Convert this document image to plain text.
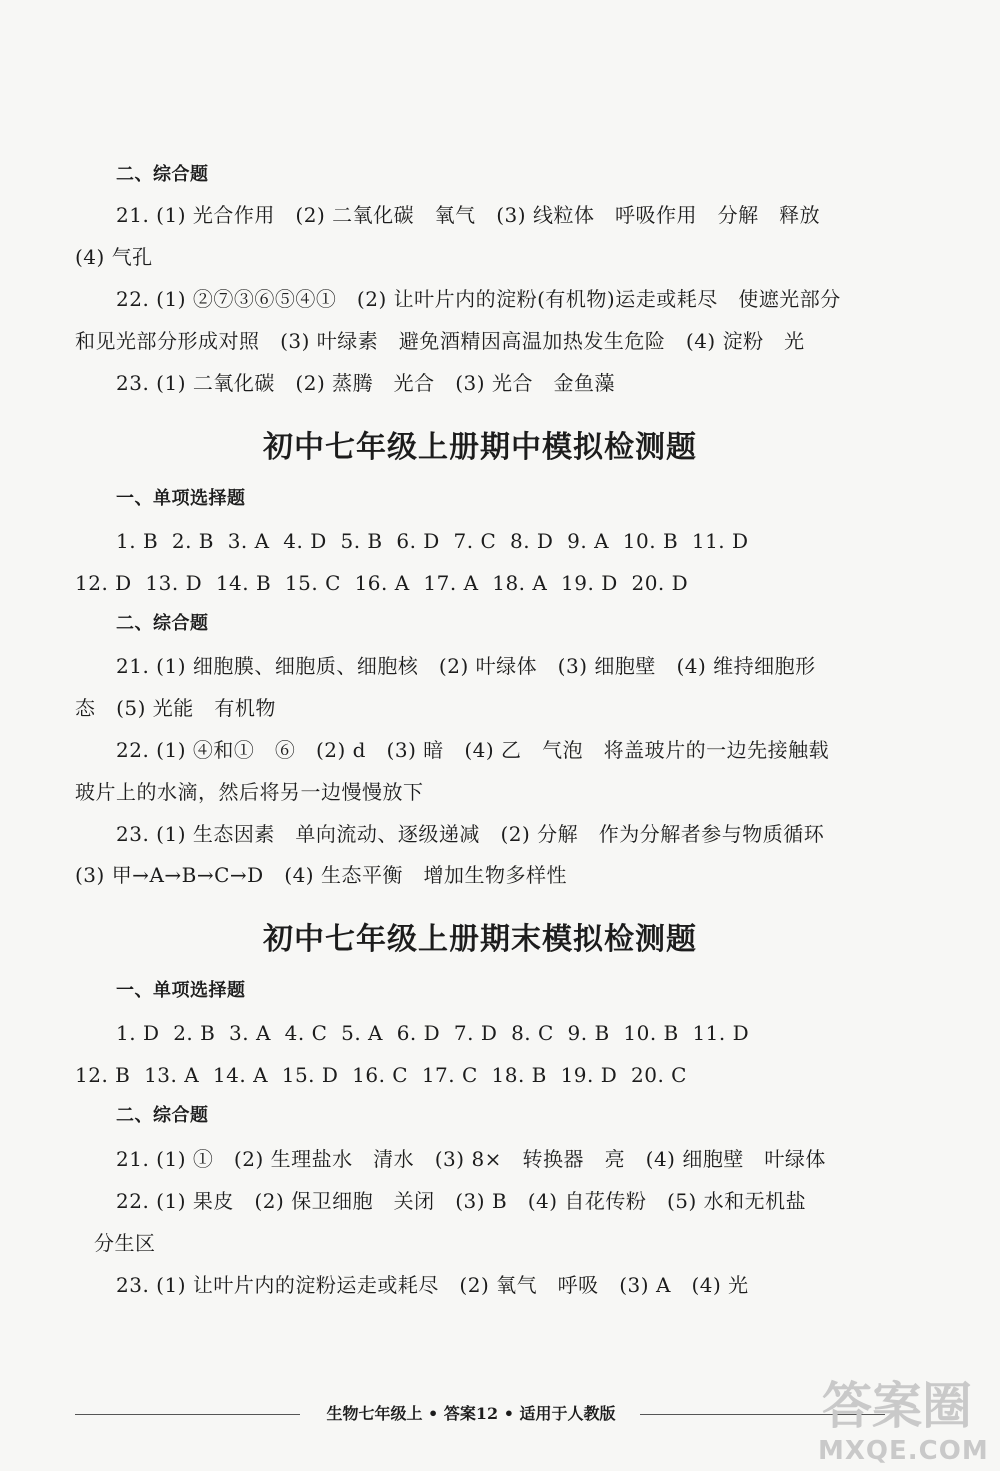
二、综合题
21. (1) 光合作用   (2) 二氧化碳   氧气   (3) 线粒体   呼吸作用   分解   释放
(4) 气孔
22. (1) ②⑦③⑥⑤④①   (2) 让叶片内的淀粉(有机物)运走或耗尽   使遮光部分
和见光部分形成对照   (3) 叶绿素   避免酒精因高温加热发生危险   (4) 淀粉   光
23. (1) 二氧化碳   (2) 蒸腾   光合   (3) 光合   金鱼藻
初中七年级上册期中模拟检测题
一、单项选择题
1. B  2. B  3. A  4. D  5. B  6. D  7. C  8. D  9. A  10. B  11. D
12. D  13. D  14. B  15. C  16. A  17. A  18. A  19. D  20. D
二、综合题
21. (1) 细胞膜、细胞质、细胞核   (2) 叶绿体   (3) 细胞壁   (4) 维持细胞形
态   (5) 光能   有机物
22. (1) ④和①   ⑥   (2) d   (3) 暗   (4) 乙   气泡   将盖玻片的一边先接触载
玻片上的水滴，然后将另一边慢慢放下
23. (1) 生态因素   单向流动、逐级递减   (2) 分解   作为分解者参与物质循环
(3) 甲→A→B→C→D   (4) 生态平衡   增加生物多样性
初中七年级上册期末模拟检测题
一、单项选择题
1. D  2. B  3. A  4. C  5. A  6. D  7. D  8. C  9. B  10. B  11. D
12. B  13. A  14. A  15. D  16. C  17. C  18. B  19. D  20. C
二、综合题
21. (1) ①   (2) 生理盐水   清水   (3) 8×   转换器   亮   (4) 细胞壁   叶绿体
22. (1) 果皮   (2) 保卫细胞   关闭   (3) B   (4) 自花传粉   (5) 水和无机盐
分生区
23. (1) 让叶片内的淀粉运走或耗尽   (2) 氧气   呼吸   (3) A   (4) 光
生物七年级上 • 答案12 • 适用于人教版	答案圈
MXQE.COM
